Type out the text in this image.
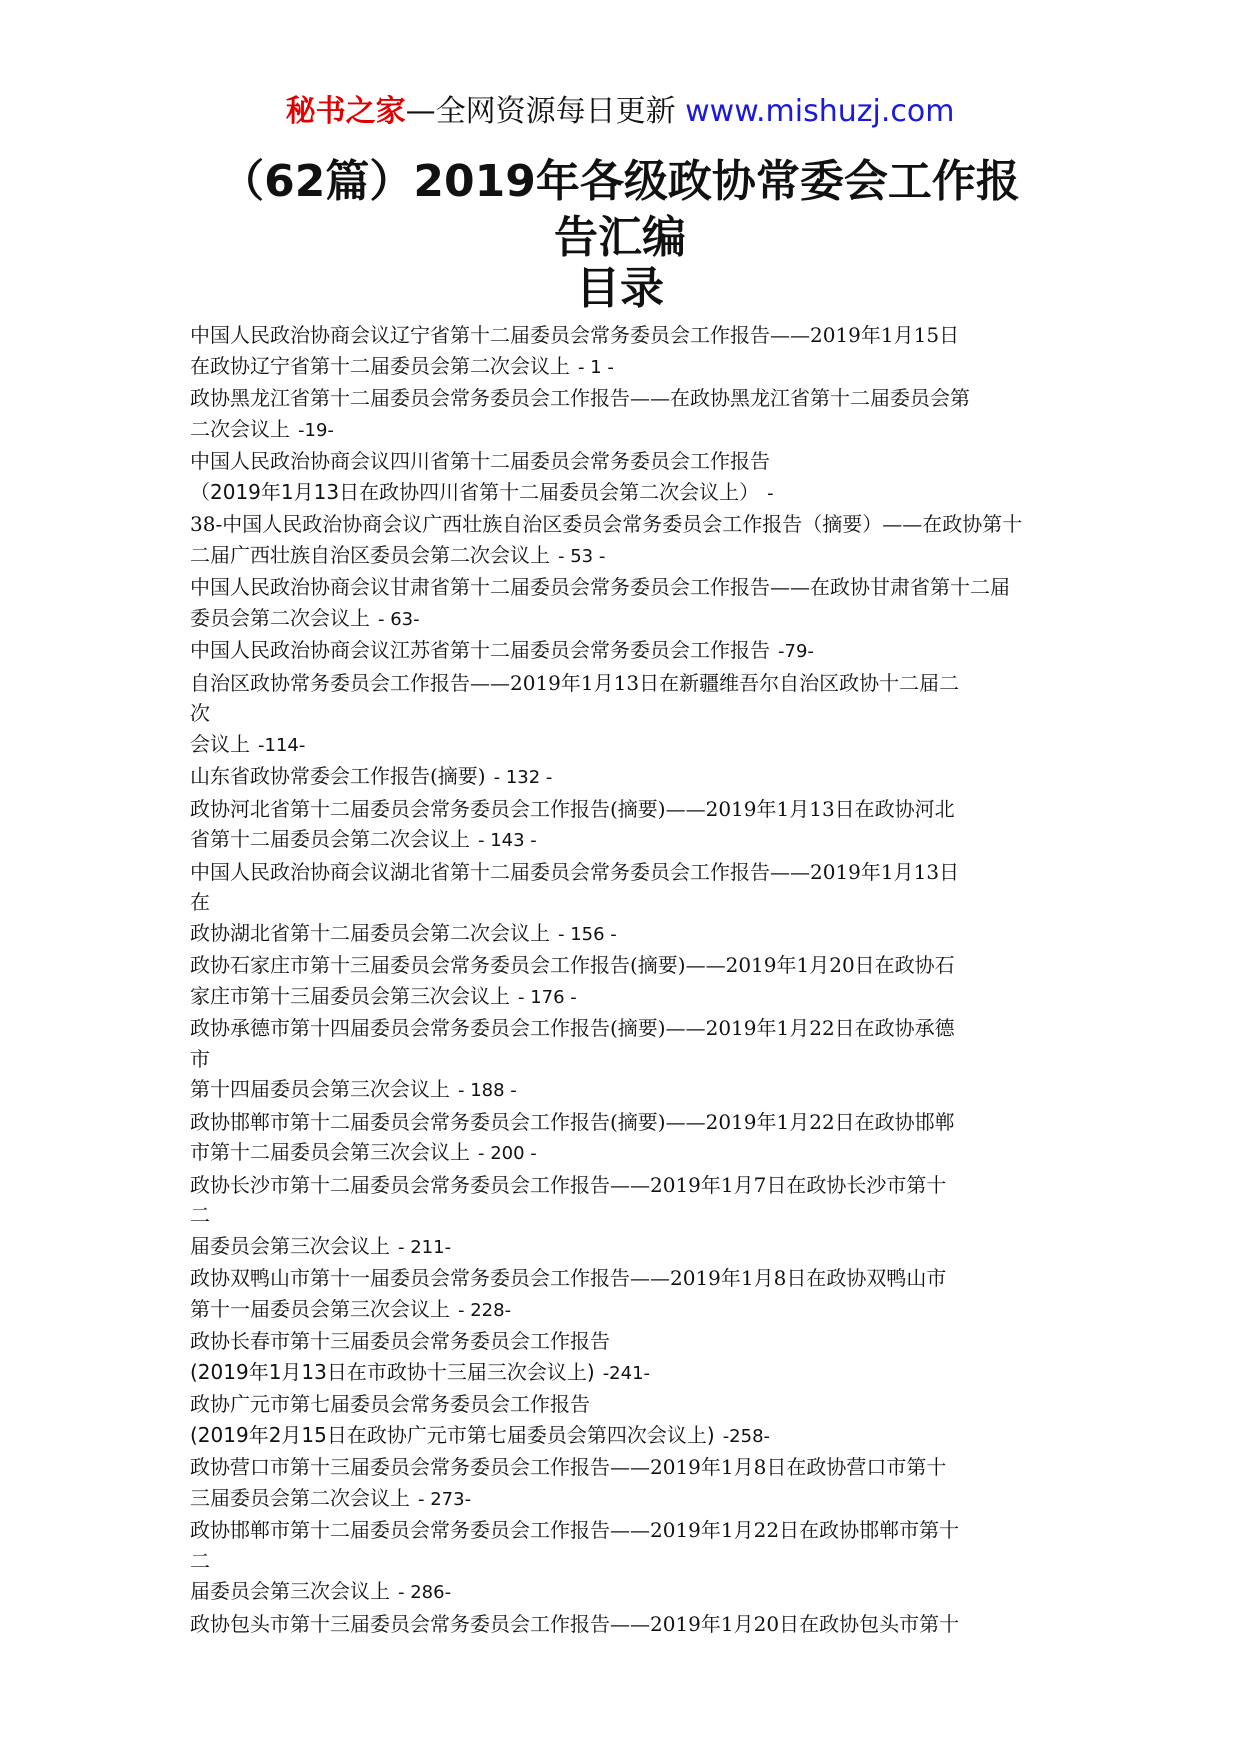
秘书之家—全网资源每日更新 www.mishuzj.com
（62篇）2019年各级政协常委会工作报告汇编
目录
中国人民政治协商会议辽宁省第十二届委员会常务委员会工作报告——2019年1月15日
在政协辽宁省第十二届委员会第二次会议上 - 1 -
政协黑龙江省第十二届委员会常务委员会工作报告——在政协黑龙江省第十二届委员会第
二次会议上 -19-
中国人民政治协商会议四川省第十二届委员会常务委员会工作报告
（2019年1月13日在政协四川省第十二届委员会第二次会议上） -
38-中国人民政治协商会议广西壮族自治区委员会常务委员会工作报告（摘要）——在政协第十
二届广西壮族自治区委员会第二次会议上 - 53 -
中国人民政治协商会议甘肃省第十二届委员会常务委员会工作报告——在政协甘肃省第十二届
委员会第二次会议上 - 63-
中国人民政治协商会议江苏省第十二届委员会常务委员会工作报告 -79-
自治区政协常务委员会工作报告——2019年1月13日在新疆维吾尔自治区政协十二届二
次
会议上 -114-
山东省政协常委会工作报告(摘要) - 132 -
政协河北省第十二届委员会常务委员会工作报告(摘要)——2019年1月13日在政协河北
省第十二届委员会第二次会议上 - 143 -
中国人民政治协商会议湖北省第十二届委员会常务委员会工作报告——2019年1月13日
在
政协湖北省第十二届委员会第二次会议上 - 156 -
政协石家庄市第十三届委员会常务委员会工作报告(摘要)——2019年1月20日在政协石
家庄市第十三届委员会第三次会议上 - 176 -
政协承德市第十四届委员会常务委员会工作报告(摘要)——2019年1月22日在政协承德
市
第十四届委员会第三次会议上 - 188 -
政协邯郸市第十二届委员会常务委员会工作报告(摘要)——2019年1月22日在政协邯郸
市第十二届委员会第三次会议上 - 200 -
政协长沙市第十二届委员会常务委员会工作报告——2019年1月7日在政协长沙市第十
二
届委员会第三次会议上 - 211-
政协双鸭山市第十一届委员会常务委员会工作报告——2019年1月8日在政协双鸭山市
第十一届委员会第三次会议上 - 228-
政协长春市第十三届委员会常务委员会工作报告
(2019年1月13日在市政协十三届三次会议上) -241-
政协广元市第七届委员会常务委员会工作报告
(2019年2月15日在政协广元市第七届委员会第四次会议上) -258-
政协营口市第十三届委员会常务委员会工作报告——2019年1月8日在政协营口市第十
三届委员会第二次会议上 - 273-
政协邯郸市第十二届委员会常务委员会工作报告——2019年1月22日在政协邯郸市第十
二
届委员会第三次会议上 - 286-
政协包头市第十三届委员会常务委员会工作报告——2019年1月20日在政协包头市第十
